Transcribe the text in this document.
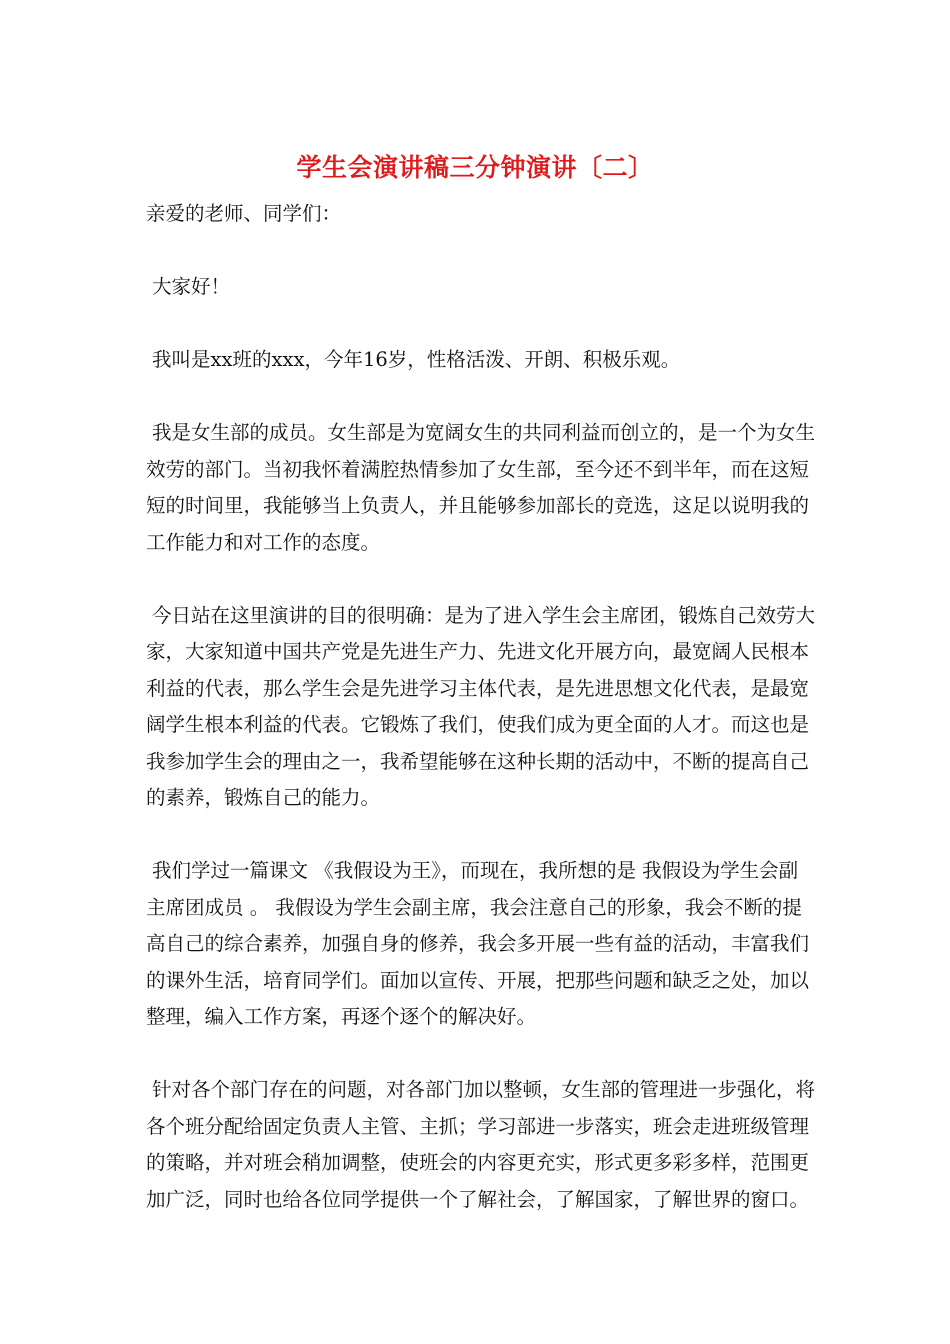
学生会演讲稿三分钟演讲〔二〕

亲爱的老师、同学们：

大家好！

我叫是xx班的xxx，今年16岁，性格活泼、开朗、积极乐观。

我是女生部的成员。女生部是为宽阔女生的共同利益而创立的，是一个为女生

效劳的部门。当初我怀着满腔热情参加了女生部，至今还不到半年，而在这短

短的时间里，我能够当上负责人，并且能够参加部长的竞选，这足以说明我的

工作能力和对工作的态度。

今日站在这里演讲的目的很明确：是为了进入学生会主席团，锻炼自己效劳大

家，大家知道中国共产党是先进生产力、先进文化开展方向，最宽阔人民根本

利益的代表，那么学生会是先进学习主体代表，是先进思想文化代表，是最宽

阔学生根本利益的代表。它锻炼了我们，使我们成为更全面的人才。而这也是

我参加学生会的理由之一，我希望能够在这种长期的活动中，不断的提高自己

的素养，锻炼自己的能力。

我们学过一篇课文 《我假设为王》，而现在，我所想的是 我假设为学生会副

主席团成员 。 我假设为学生会副主席，我会注意自己的形象，我会不断的提

高自己的综合素养，加强自身的修养，我会多开展一些有益的活动，丰富我们

的课外生活，培育同学们。面加以宣传、开展，把那些问题和缺乏之处，加以

整理，编入工作方案，再逐个逐个的解决好。

针对各个部门存在的问题，对各部门加以整顿，女生部的管理进一步强化，将

各个班分配给固定负责人主管、主抓；学习部进一步落实，班会走进班级管理

的策略，并对班会稍加调整，使班会的内容更充实，形式更多彩多样，范围更

加广泛，同时也给各位同学提供一个了解社会，了解国家，了解世界的窗口。
